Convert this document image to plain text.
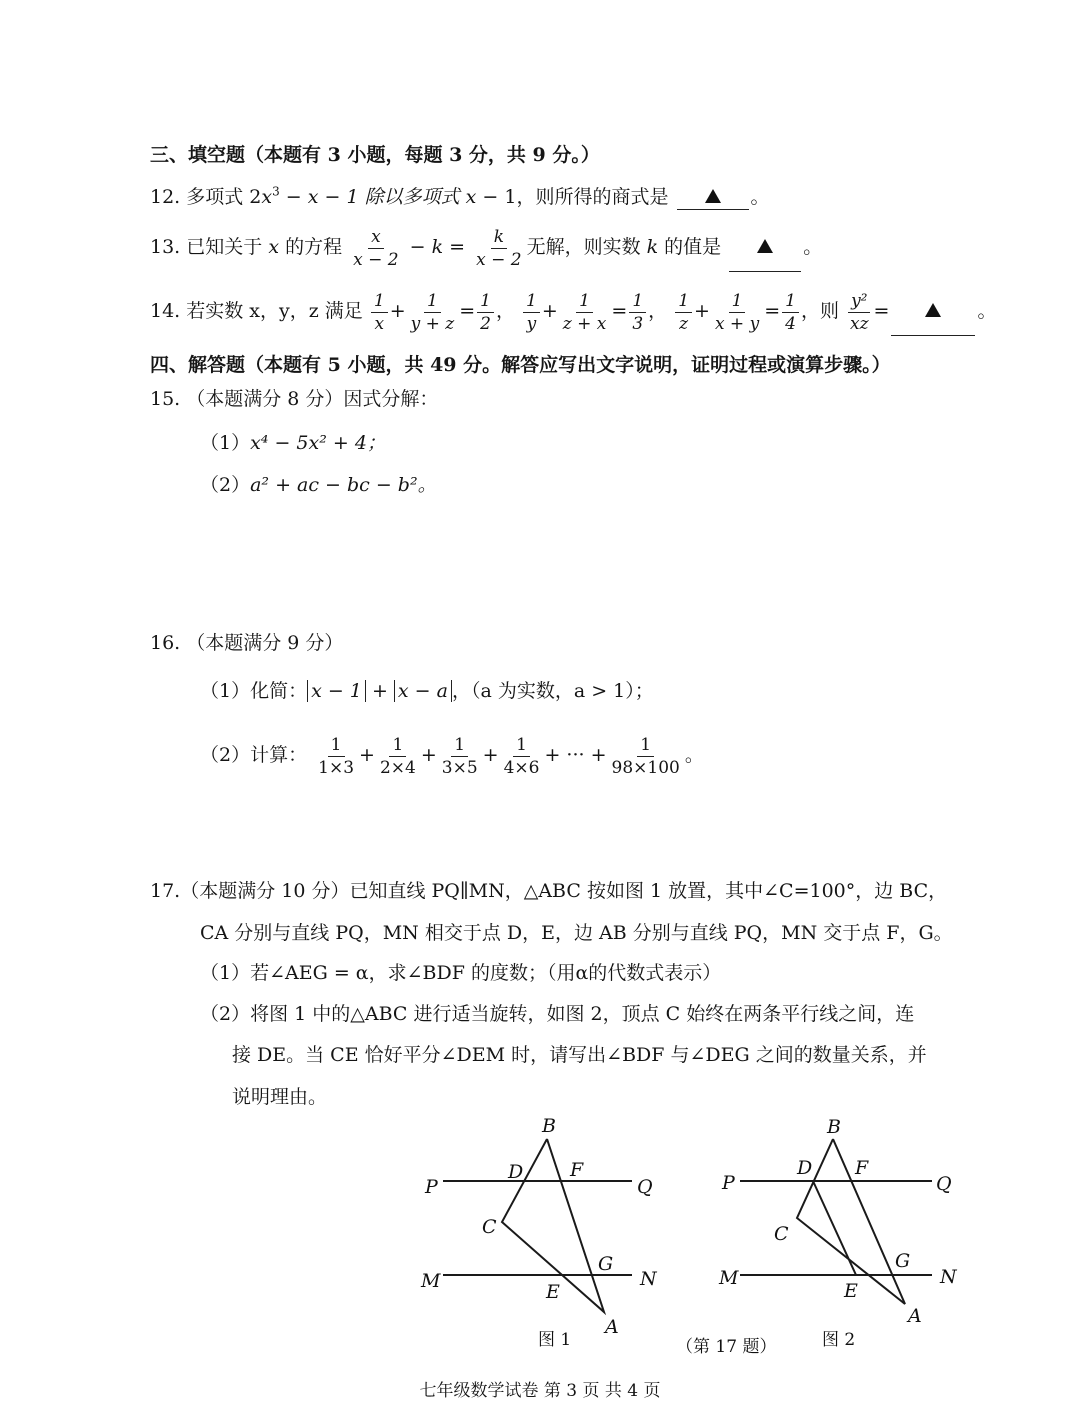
三、填空题（本题有 3 小题，每题 3 分，共 9 分。）
12. 多项式 $2x^3 - x - 1$ 除以多项式 x − 1，则所得的商式是	。
13. 已知关于 x 的方程 $\frac{x}{x - 2} - k = \frac{k}{x - 2}$ 无解，则实数 k 的值是	。
14. 若实数 x，y，z 满足 $\frac{1}{x} + \frac{1}{y + z} = \frac{1}{2}$ ， $\frac{1}{y} + \frac{1}{z + x} = \frac{1}{3}$ ， $\frac{1}{z} + \frac{1}{x + y} = \frac{1}{4}$ ，则 $\frac{\text{y²}}{xz}$ =	。
四、解答题（本题有 5 小题，共 49 分。解答应写出文字说明，证明过程或演算步骤。）
15. （本题满分 8 分）因式分解：
（1）x⁴ − 5x² + 4；
（2）a² + ac − bc − b²。
16. （本题满分 9 分）
（1）化简： x − 1 + x − a ，（a 为实数，a > 1）；
（2）计算： $\frac{1}{1\times 3} + \frac{1}{2\times 4} + \frac{1}{3\times 5} + \frac{1}{4\times 6}$ + ··· + $\frac{1}{98\times 100}$ 。
17.（本题满分 10 分）已知直线 PQ∥MN，△ABC 按如图 1 放置，其中∠C=100°，边 BC，
CA 分别与直线 PQ，MN 相交于点 D，E，边 AB 分别与直线 PQ，MN 交于点 F，G。
（1）若∠AEG = α，求∠BDF 的度数；（用α的代数式表示）
（2）将图 1 中的△ABC 进行适当旋转，如图 2，顶点 C 始终在两条平行线之间，连
接 DE。当 CE 恰好平分∠DEM 时，请写出∠BDF 与∠DEG 之间的数量关系，并
说明理由。
P	Q
M	N
B
D F
C
G
E
A
P	Q
M	N
B
D F
C
G
E
A
图 1	（第 17 题）	图 2
七年级数学试卷 第 3 页 共 4 页
